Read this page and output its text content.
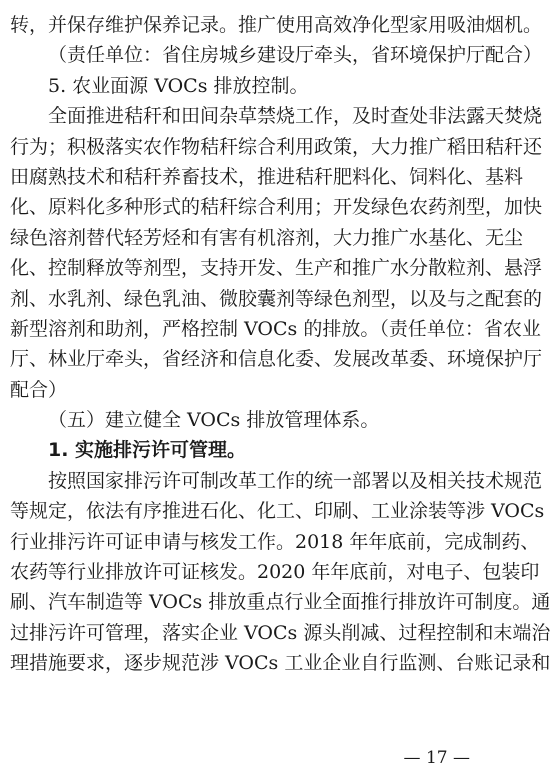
转，并保存维护保养记录。推广使用高效净化型家用吸油烟机。
（责任单位：省住房城乡建设厅牵头，省环境保护厅配合）
5. 农业面源 VOCs 排放控制。
全面推进秸秆和田间杂草禁烧工作，及时查处非法露天焚烧
行为；积极落实农作物秸秆综合利用政策，大力推广稻田秸秆还
田腐熟技术和秸秆养畜技术，推进秸秆肥料化、饲料化、基料
化、原料化多种形式的秸秆综合利用；开发绿色农药剂型，加快
绿色溶剂替代轻芳烃和有害有机溶剂，大力推广水基化、无尘
化、控制释放等剂型，支持开发、生产和推广水分散粒剂、悬浮
剂、水乳剂、绿色乳油、微胶囊剂等绿色剂型，以及与之配套的
新型溶剂和助剂，严格控制 VOCs 的排放。（责任单位：省农业
厅、林业厅牵头，省经济和信息化委、发展改革委、环境保护厅
配合）
（五）建立健全 VOCs 排放管理体系。
1. 实施排污许可管理。
按照国家排污许可制改革工作的统一部署以及相关技术规范
等规定，依法有序推进石化、化工、印刷、工业涂装等涉 VOCs
行业排污许可证申请与核发工作。2018 年年底前，完成制药、
农药等行业排放许可证核发。2020 年年底前，对电子、包装印
刷、汽车制造等 VOCs 排放重点行业全面推行排放许可制度。通
过排污许可管理，落实企业 VOCs 源头削减、过程控制和末端治
理措施要求，逐步规范涉 VOCs 工业企业自行监测、台账记录和
— 17 —
